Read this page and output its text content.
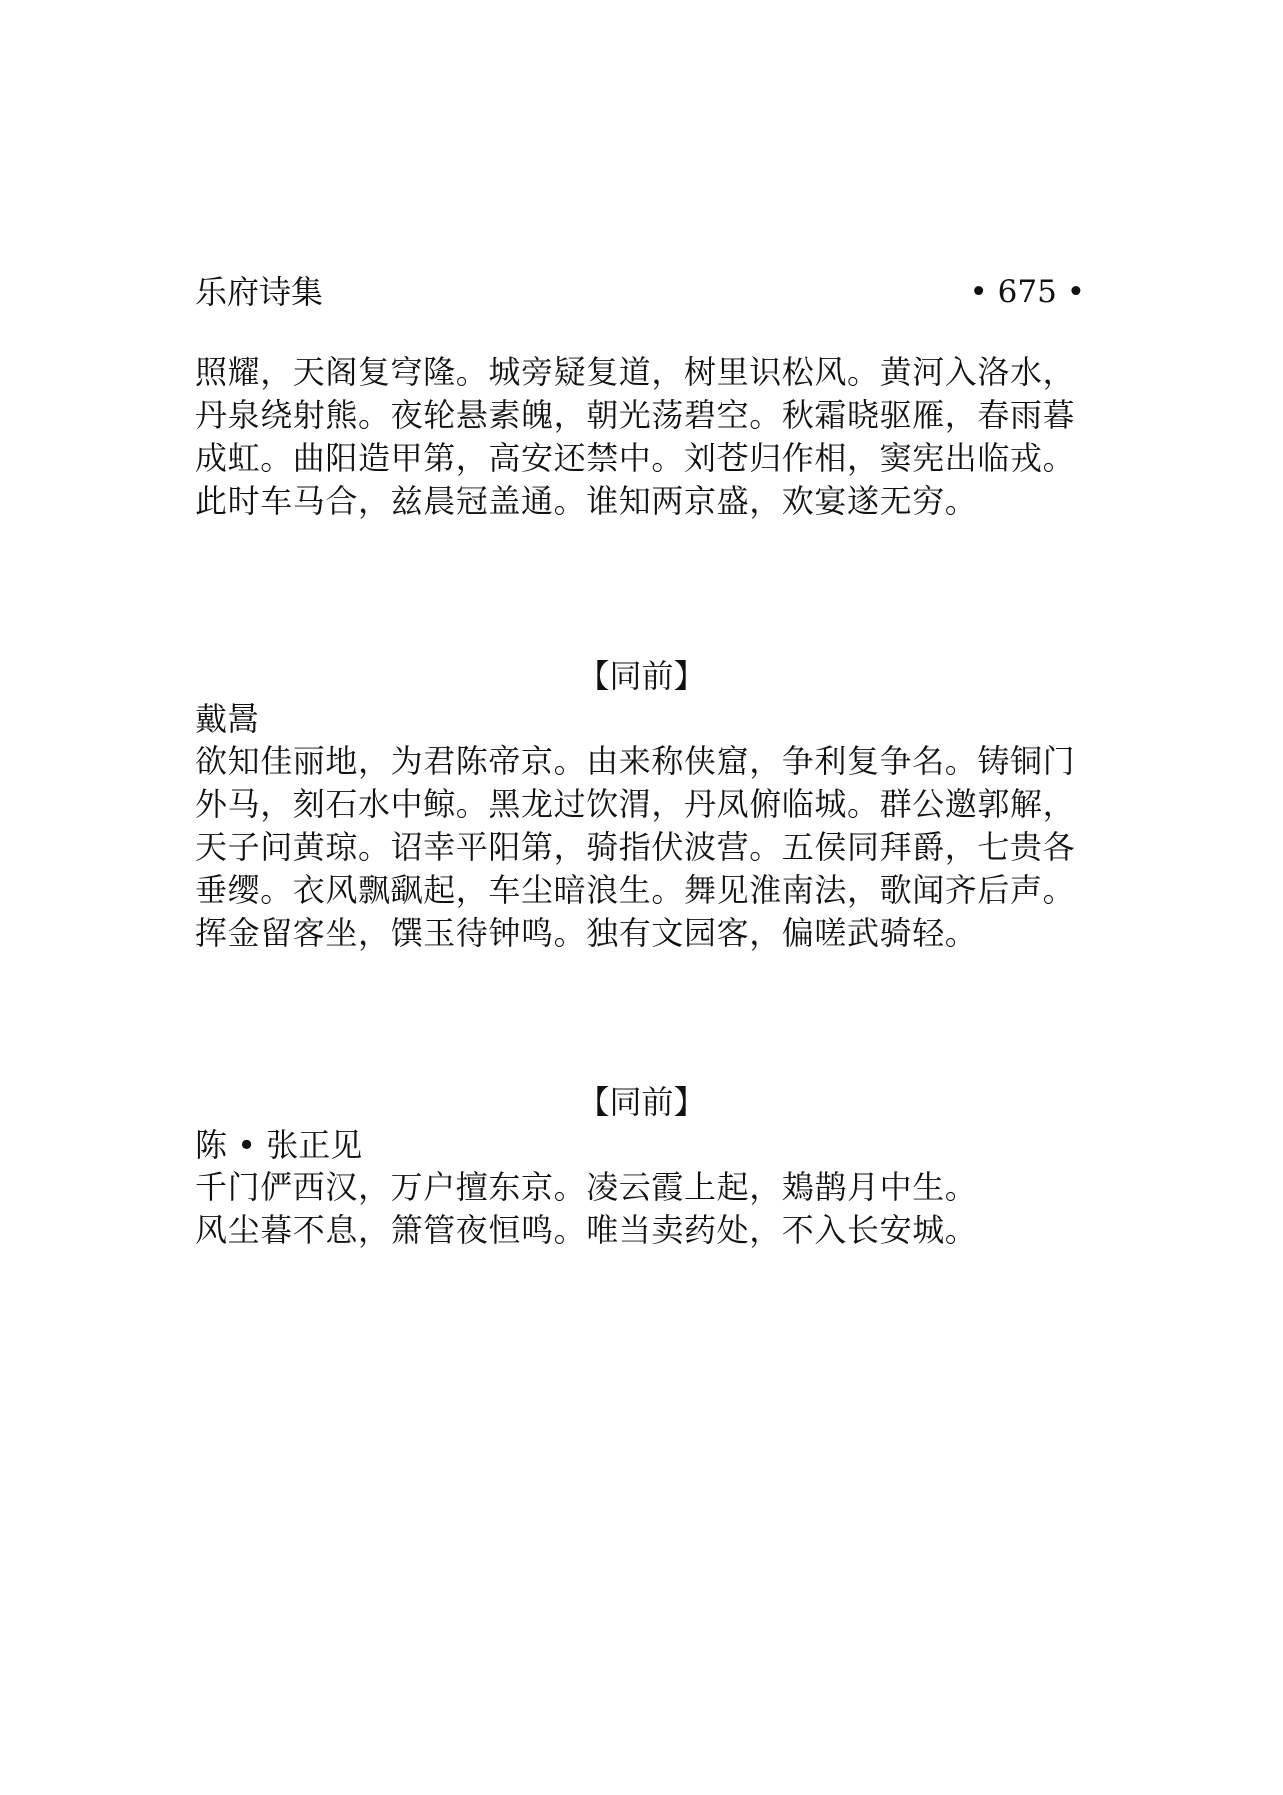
乐府诗集	• 675 •
照耀，天阁复穹隆。城旁疑复道，树里识松风。黄河入洛水，
丹泉绕射熊。夜轮悬素魄，朝光荡碧空。秋霜晓驱雁，春雨暮
成虹。曲阳造甲第，高安还禁中。刘苍归作相，窦宪出临戎。
此时车马合，兹晨冠盖通。谁知两京盛，欢宴遂无穷。
【同前】
戴暠
欲知佳丽地，为君陈帝京。由来称侠窟，争利复争名。铸铜门
外马，刻石水中鲸。黑龙过饮渭，丹凤俯临城。群公邀郭解，
天子问黄琼。诏幸平阳第，骑指伏波营。五侯同拜爵，七贵各
垂缨。衣风飘飖起，车尘暗浪生。舞见淮南法，歌闻齐后声。
挥金留客坐，馔玉待钟鸣。独有文园客，偏嗟武骑轻。
【同前】
陈 • 张正见
千门俨西汉，万户擅东京。凌云霞上起，鳷鹊月中生。
风尘暮不息，箫管夜恒鸣。唯当卖药处，不入长安城。
